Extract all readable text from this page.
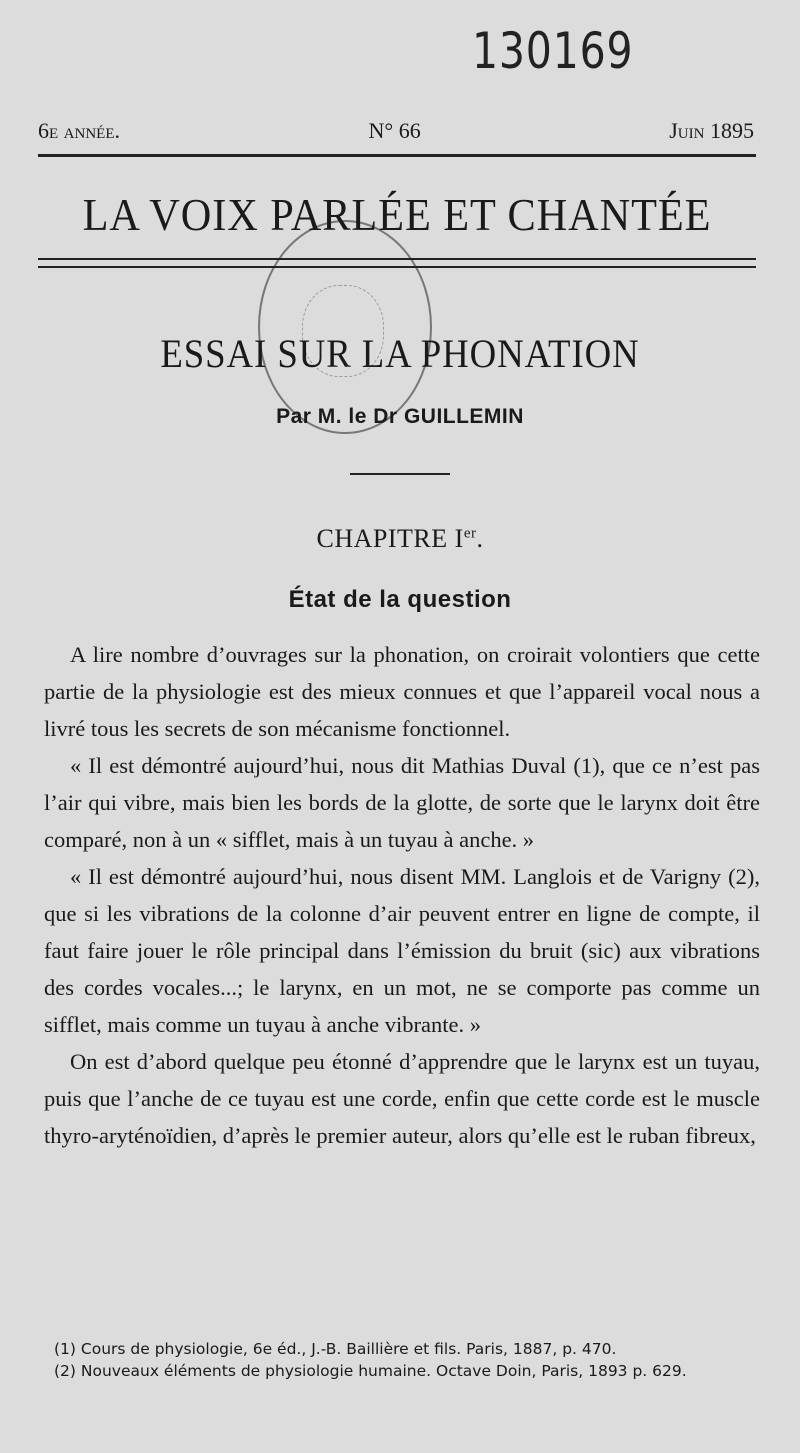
130169
6e année.	N° 66	Juin 1895
LA VOIX PARLÉE ET CHANTÉE
ESSAI SUR LA PHONATION
Par M. le Dr GUILLEMIN
CHAPITRE Ier.
État de la question

A lire nombre d’ouvrages sur la phonation, on croirait volontiers que cette partie de la physiologie est des mieux connues et que l’appareil vocal nous a livré tous les secrets de son mécanisme fonctionnel.

« Il est démontré aujourd’hui, nous dit Mathias Duval (1), que ce n’est pas l’air qui vibre, mais bien les bords de la glotte, de sorte que le larynx doit être comparé, non à un « sifflet, mais à un tuyau à anche. »

« Il est démontré aujourd’hui, nous disent MM. Langlois et de Varigny (2), que si les vibrations de la colonne d’air peuvent entrer en ligne de compte, il faut faire jouer le rôle principal dans l’émission du bruit (sic) aux vibrations des cordes vocales...; le larynx, en un mot, ne se comporte pas comme un sifflet, mais comme un tuyau à anche vibrante. »

On est d’abord quelque peu étonné d’apprendre que le larynx est un tuyau, puis que l’anche de ce tuyau est une corde, enfin que cette corde est le muscle thyro-aryténoïdien, d’après le premier auteur, alors qu’elle est le ruban fibreux,

(1) Cours de physiologie, 6e éd., J.-B. Baillière et fils. Paris, 1887, p. 470.

(2) Nouveaux éléments de physiologie humaine. Octave Doin, Paris, 1893 p. 629.
